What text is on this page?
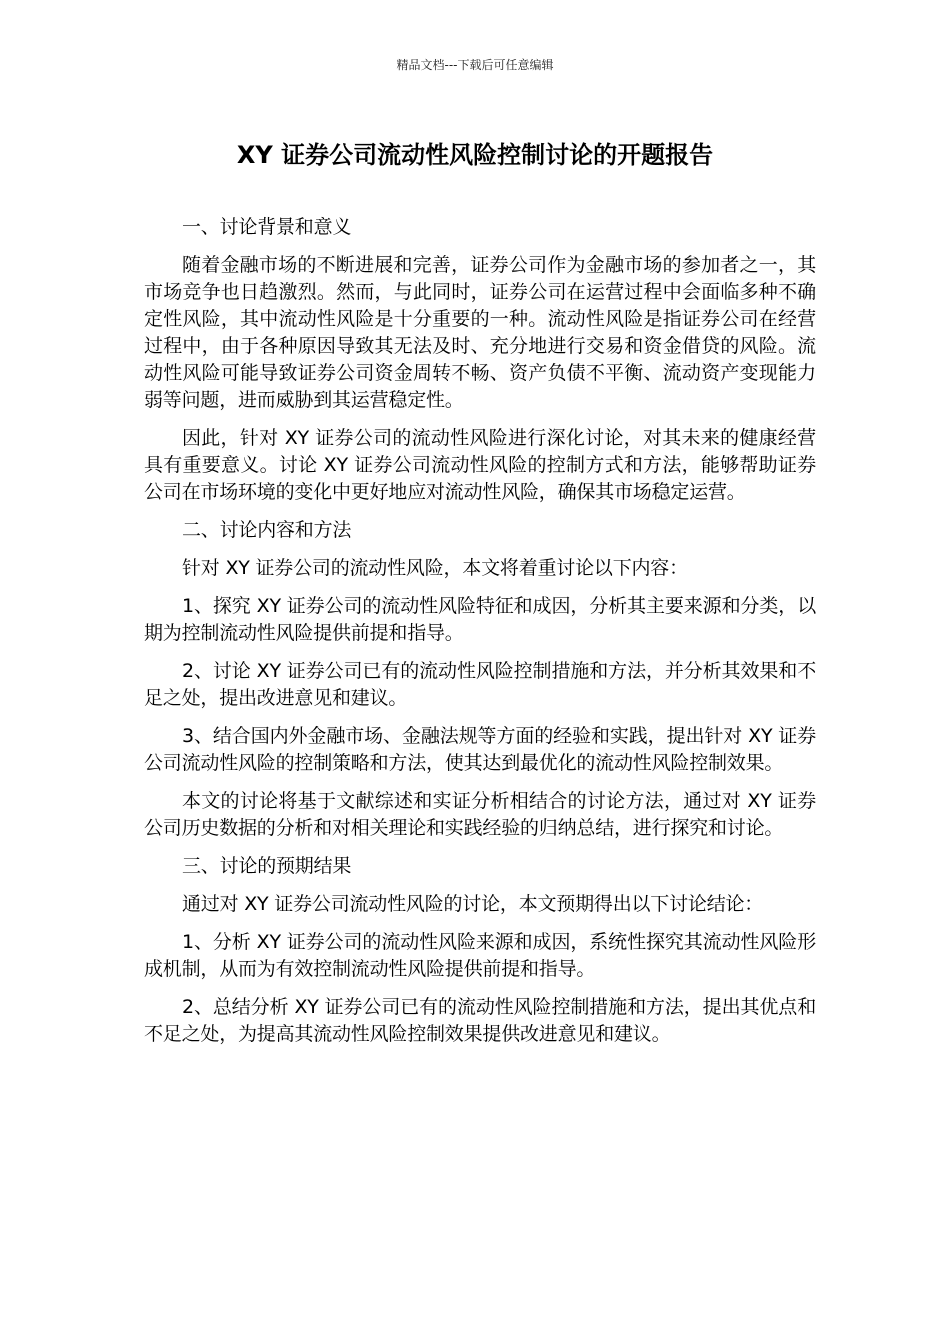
精品文档---下载后可任意编辑
XY 证券公司流动性风险控制讨论的开题报告

一、讨论背景和意义

随着金融市场的不断进展和完善，证券公司作为金融市场的参加者之一，其市场竞争也日趋激烈。然而，与此同时，证券公司在运营过程中会面临多种不确定性风险，其中流动性风险是十分重要的一种。流动性风险是指证券公司在经营过程中，由于各种原因导致其无法及时、充分地进行交易和资金借贷的风险。流动性风险可能导致证券公司资金周转不畅、资产负债不平衡、流动资产变现能力弱等问题，进而威胁到其运营稳定性。

因此，针对 XY 证券公司的流动性风险进行深化讨论，对其未来的健康经营具有重要意义。讨论 XY 证券公司流动性风险的控制方式和方法，能够帮助证券公司在市场环境的变化中更好地应对流动性风险，确保其市场稳定运营。

二、讨论内容和方法

针对 XY 证券公司的流动性风险，本文将着重讨论以下内容：

1、探究 XY 证券公司的流动性风险特征和成因，分析其主要来源和分类，以期为控制流动性风险提供前提和指导。

2、讨论 XY 证券公司已有的流动性风险控制措施和方法，并分析其效果和不足之处，提出改进意见和建议。

3、结合国内外金融市场、金融法规等方面的经验和实践，提出针对 XY 证券公司流动性风险的控制策略和方法，使其达到最优化的流动性风险控制效果。

本文的讨论将基于文献综述和实证分析相结合的讨论方法，通过对 XY 证券公司历史数据的分析和对相关理论和实践经验的归纳总结，进行探究和讨论。

三、讨论的预期结果

通过对 XY 证券公司流动性风险的讨论，本文预期得出以下讨论结论：

1、分析 XY 证券公司的流动性风险来源和成因，系统性探究其流动性风险形成机制，从而为有效控制流动性风险提供前提和指导。

2、总结分析 XY 证券公司已有的流动性风险控制措施和方法，提出其优点和不足之处，为提高其流动性风险控制效果提供改进意见和建议。
